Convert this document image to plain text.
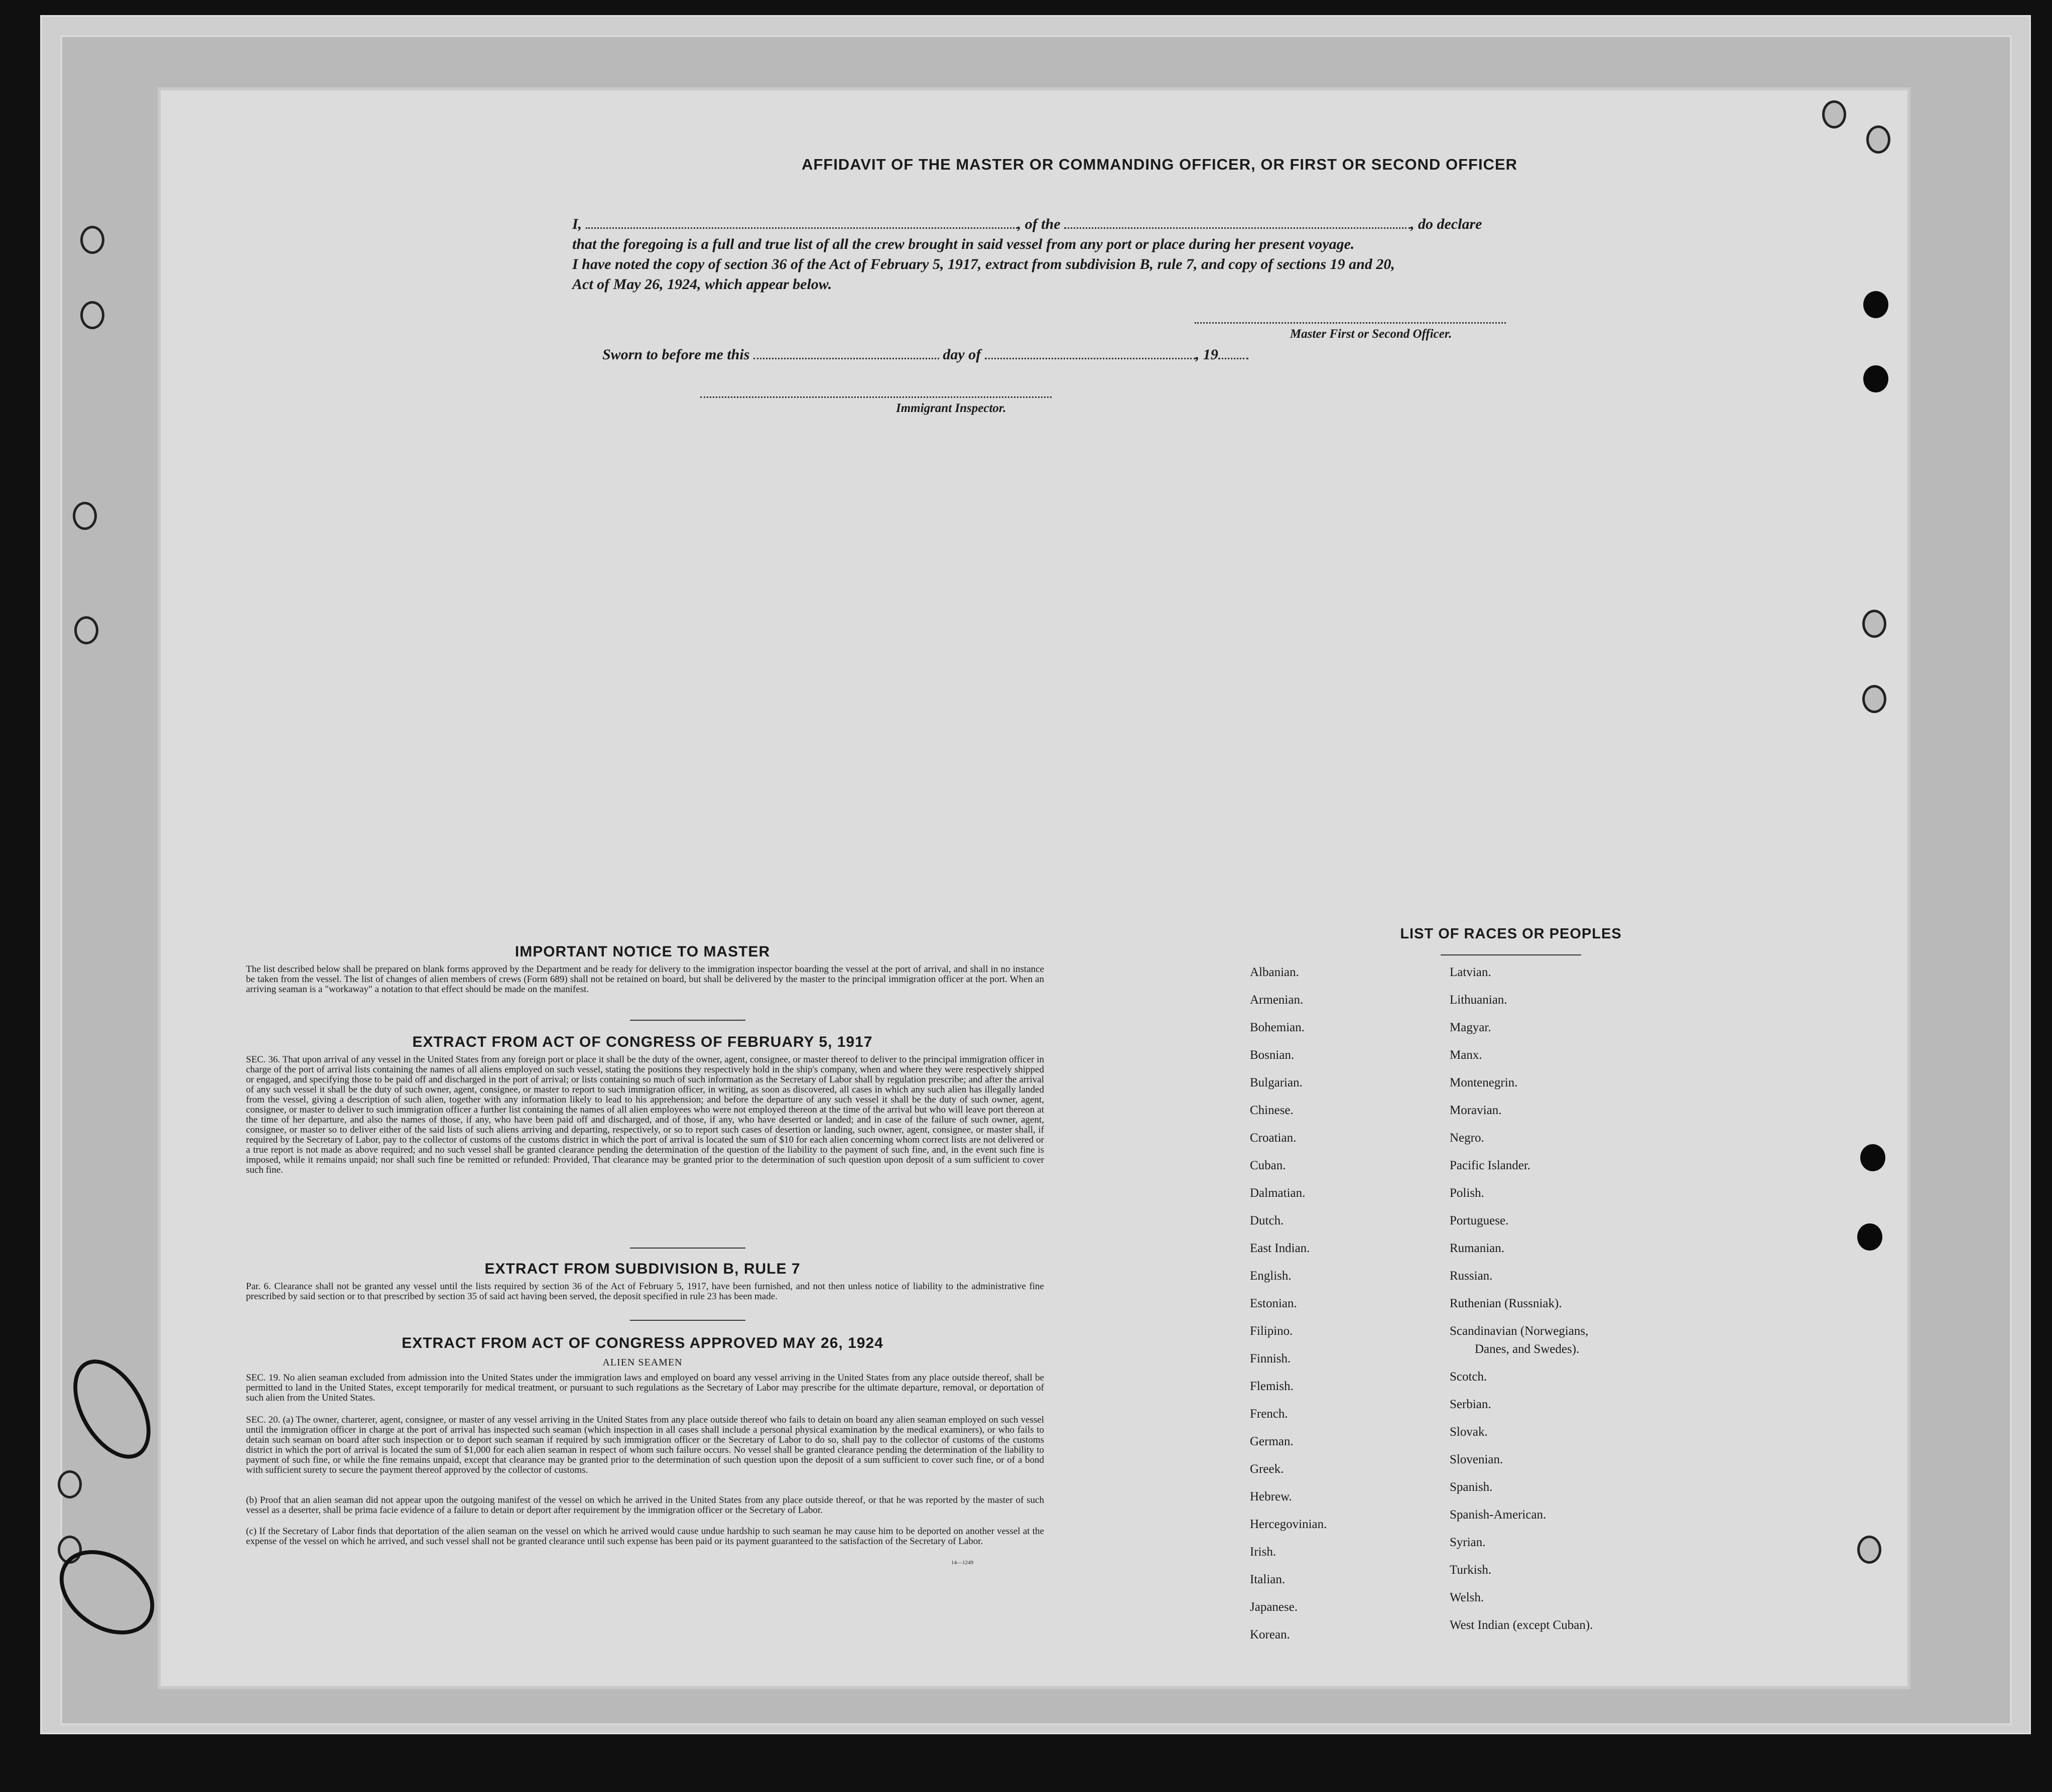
AFFIDAVIT OF THE MASTER OR COMMANDING OFFICER, OR FIRST OR SECOND OFFICER
I,	, of the	, do declare
that the foregoing is a full and true list of all the crew brought in said vessel from any port or place during her present voyage.
I have noted the copy of section 36 of the Act of February 5, 1917, extract from subdivision B, rule 7, and copy of sections 19 and 20,
Act of May 26, 1924, which appear below.
Master First or Second Officer.
Sworn to before me this	day of	, 19
Immigrant Inspector.
IMPORTANT NOTICE TO MASTER
The list described below shall be prepared on blank forms approved by the Department and be ready for delivery to the immigration inspector boarding the vessel at the port of arrival, and shall in no instance be taken from the vessel. The list of changes of alien members of crews (Form 689) shall not be retained on board, but shall be delivered by the master to the principal immigration officer at the port. When an arriving seaman is a "workaway" a notation to that effect should be made on the manifest.
EXTRACT FROM ACT OF CONGRESS OF FEBRUARY 5, 1917
SEC. 36. That upon arrival of any vessel in the United States from any foreign port or place it shall be the duty of the owner, agent, consignee, or master thereof to deliver to the principal immigration officer in charge of the port of arrival lists containing the names of all aliens employed on such vessel, stating the positions they respectively hold in the ship's company, when and where they were respectively shipped or engaged, and specifying those to be paid off and discharged in the port of arrival; or lists containing so much of such information as the Secretary of Labor shall by regulation prescribe; and after the arrival of any such vessel it shall be the duty of such owner, agent, consignee, or master to report to such immigration officer, in writing, as soon as discovered, all cases in which any such alien has illegally landed from the vessel, giving a description of such alien, together with any information likely to lead to his apprehension; and before the departure of any such vessel it shall be the duty of such owner, agent, consignee, or master to deliver to such immigration officer a further list containing the names of all alien employees who were not employed thereon at the time of the arrival but who will leave port thereon at the time of her departure, and also the names of those, if any, who have been paid off and discharged, and of those, if any, who have deserted or landed; and in case of the failure of such owner, agent, consignee, or master so to deliver either of the said lists of such aliens arriving and departing, respectively, or so to report such cases of desertion or landing, such owner, agent, consignee, or master shall, if required by the Secretary of Labor, pay to the collector of customs of the customs district in which the port of arrival is located the sum of $10 for each alien concerning whom correct lists are not delivered or a true report is not made as above required; and no such vessel shall be granted clearance pending the determination of the question of the liability to the payment of such fine, and, in the event such fine is imposed, while it remains unpaid; nor shall such fine be remitted or refunded: Provided, That clearance may be granted prior to the determination of such question upon deposit of a sum sufficient to cover such fine.
EXTRACT FROM SUBDIVISION B, RULE 7
Par. 6. Clearance shall not be granted any vessel until the lists required by section 36 of the Act of February 5, 1917, have been furnished, and not then unless notice of liability to the administrative fine prescribed by said section or to that prescribed by section 35 of said act having been served, the deposit specified in rule 23 has been made.
EXTRACT FROM ACT OF CONGRESS APPROVED MAY 26, 1924
ALIEN SEAMEN
SEC. 19. No alien seaman excluded from admission into the United States under the immigration laws and employed on board any vessel arriving in the United States from any place outside thereof, shall be permitted to land in the United States, except temporarily for medical treatment, or pursuant to such regulations as the Secretary of Labor may prescribe for the ultimate departure, removal, or deportation of such alien from the United States.
SEC. 20. (a) The owner, charterer, agent, consignee, or master of any vessel arriving in the United States from any place outside thereof who fails to detain on board any alien seaman employed on such vessel until the immigration officer in charge at the port of arrival has inspected such seaman (which inspection in all cases shall include a personal physical examination by the medical examiners), or who fails to detain such seaman on board after such inspection or to deport such seaman if required by such immigration officer or the Secretary of Labor to do so, shall pay to the collector of customs of the customs district in which the port of arrival is located the sum of $1,000 for each alien seaman in respect of whom such failure occurs. No vessel shall be granted clearance pending the determination of the liability to payment of such fine, or while the fine remains unpaid, except that clearance may be granted prior to the determination of such question upon the deposit of a sum sufficient to cover such fine, or of a bond with sufficient surety to secure the payment thereof approved by the collector of customs.
(b) Proof that an alien seaman did not appear upon the outgoing manifest of the vessel on which he arrived in the United States from any place outside thereof, or that he was reported by the master of such vessel as a deserter, shall be prima facie evidence of a failure to detain or deport after requirement by the immigration officer or the Secretary of Labor.
(c) If the Secretary of Labor finds that deportation of the alien seaman on the vessel on which he arrived would cause undue hardship to such seaman he may cause him to be deported on another vessel at the expense of the vessel on which he arrived, and such vessel shall not be granted clearance until such expense has been paid or its payment guaranteed to the satisfaction of the Secretary of Labor.
14—1249
LIST OF RACES OR PEOPLES
Albanian.
Armenian.
Bohemian.
Bosnian.
Bulgarian.
Chinese.
Croatian.
Cuban.
Dalmatian.
Dutch.
East Indian.
English.
Estonian.
Filipino.
Finnish.
Flemish.
French.
German.
Greek.
Hebrew.
Hercegovinian.
Irish.
Italian.
Japanese.
Korean.
Latvian.
Lithuanian.
Magyar.
Manx.
Montenegrin.
Moravian.
Negro.
Pacific Islander.
Polish.
Portuguese.
Rumanian.
Russian.
Ruthenian (Russniak).
Scandinavian (Norwegians,
Danes, and Swedes).
Scotch.
Serbian.
Slovak.
Slovenian.
Spanish.
Spanish-American.
Syrian.
Turkish.
Welsh.
West Indian (except Cuban).
